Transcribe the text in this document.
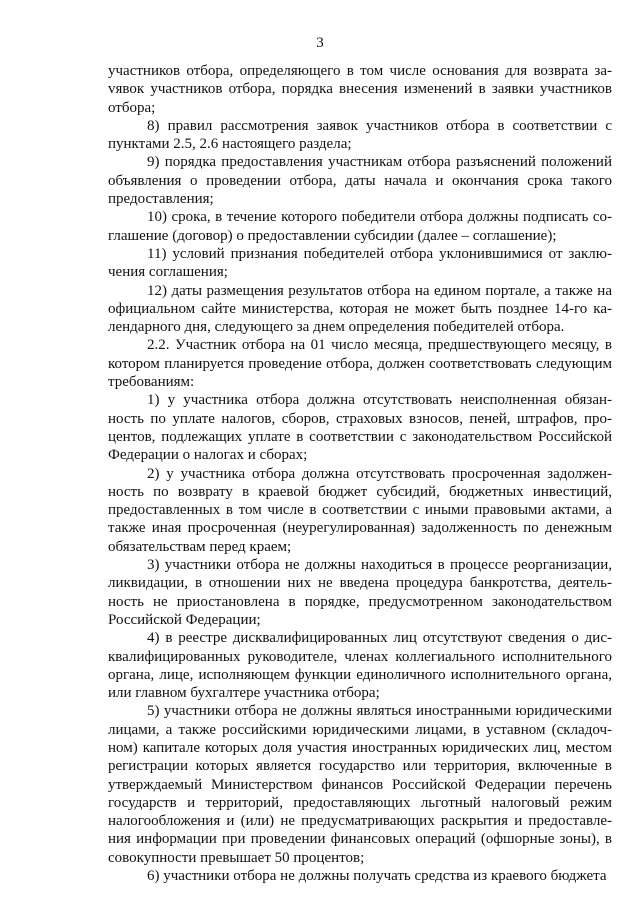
3

участников отбора, определяющего в том числе основания для возврата заvявок участников отбора, порядка внесения изменений в заявки участников отбора;

8) правил рассмотрения заявок участников отбора в соответствии с пунктами 2.5, 2.6 настоящего раздела;

9) порядка предоставления участникам отбора разъяснений положений объявления о проведении отбора, даты начала и окончания срока такого предоставления;

10) срока, в течение которого победители отбора должны подписать соглашение (договор) о предоставлении субсидии (далее – соглашение);

11) условий признания победителей отбора уклонившимися от заключения соглашения;

12) даты размещения результатов отбора на едином портале, а также на официальном сайте министерства, которая не может быть позднее 14-го календарного дня, следующего за днем определения победителей отбора.

2.2. Участник отбора на 01 число месяца, предшествующего месяцу, в котором планируется проведение отбора, должен соответствовать следующим требованиям:

1) у участника отбора должна отсутствовать неисполненная обязанность по уплате налогов, сборов, страховых взносов, пеней, штрафов, процентов, подлежащих уплате в соответствии с законодательством Российской Федерации о налогах и сборах;

2) у участника отбора должна отсутствовать просроченная задолженность по возврату в краевой бюджет субсидий, бюджетных инвестиций, предоставленных в том числе в соответствии с иными правовыми актами, а также иная просроченная (неурегулированная) задолженность по денежным обязательствам перед краем;

3) участники отбора не должны находиться в процессе реорганизации, ликвидации, в отношении них не введена процедура банкротства, деятельность не приостановлена в порядке, предусмотренном законодательством Российской Федерации;

4) в реестре дисквалифицированных лиц отсутствуют сведения о дисквалифицированных руководителе, членах коллегиального исполнительного органа, лице, исполняющем функции единоличного исполнительного органа, или главном бухгалтере участника отбора;

5) участники отбора не должны являться иностранными юридическими лицами, а также российскими юридическими лицами, в уставном (складочном) капитале которых доля участия иностранных юридических лиц, местом регистрации которых является государство или территория, включенные в утверждаемый Министерством финансов Российской Федерации перечень государств и территорий, предоставляющих льготный налоговый режим налогообложения и (или) не предусматривающих раскрытия и предоставления информации при проведении финансовых операций (офшорные зоны), в совокупности превышает 50 процентов;

6) участники отбора не должны получать средства из краевого бюджета
